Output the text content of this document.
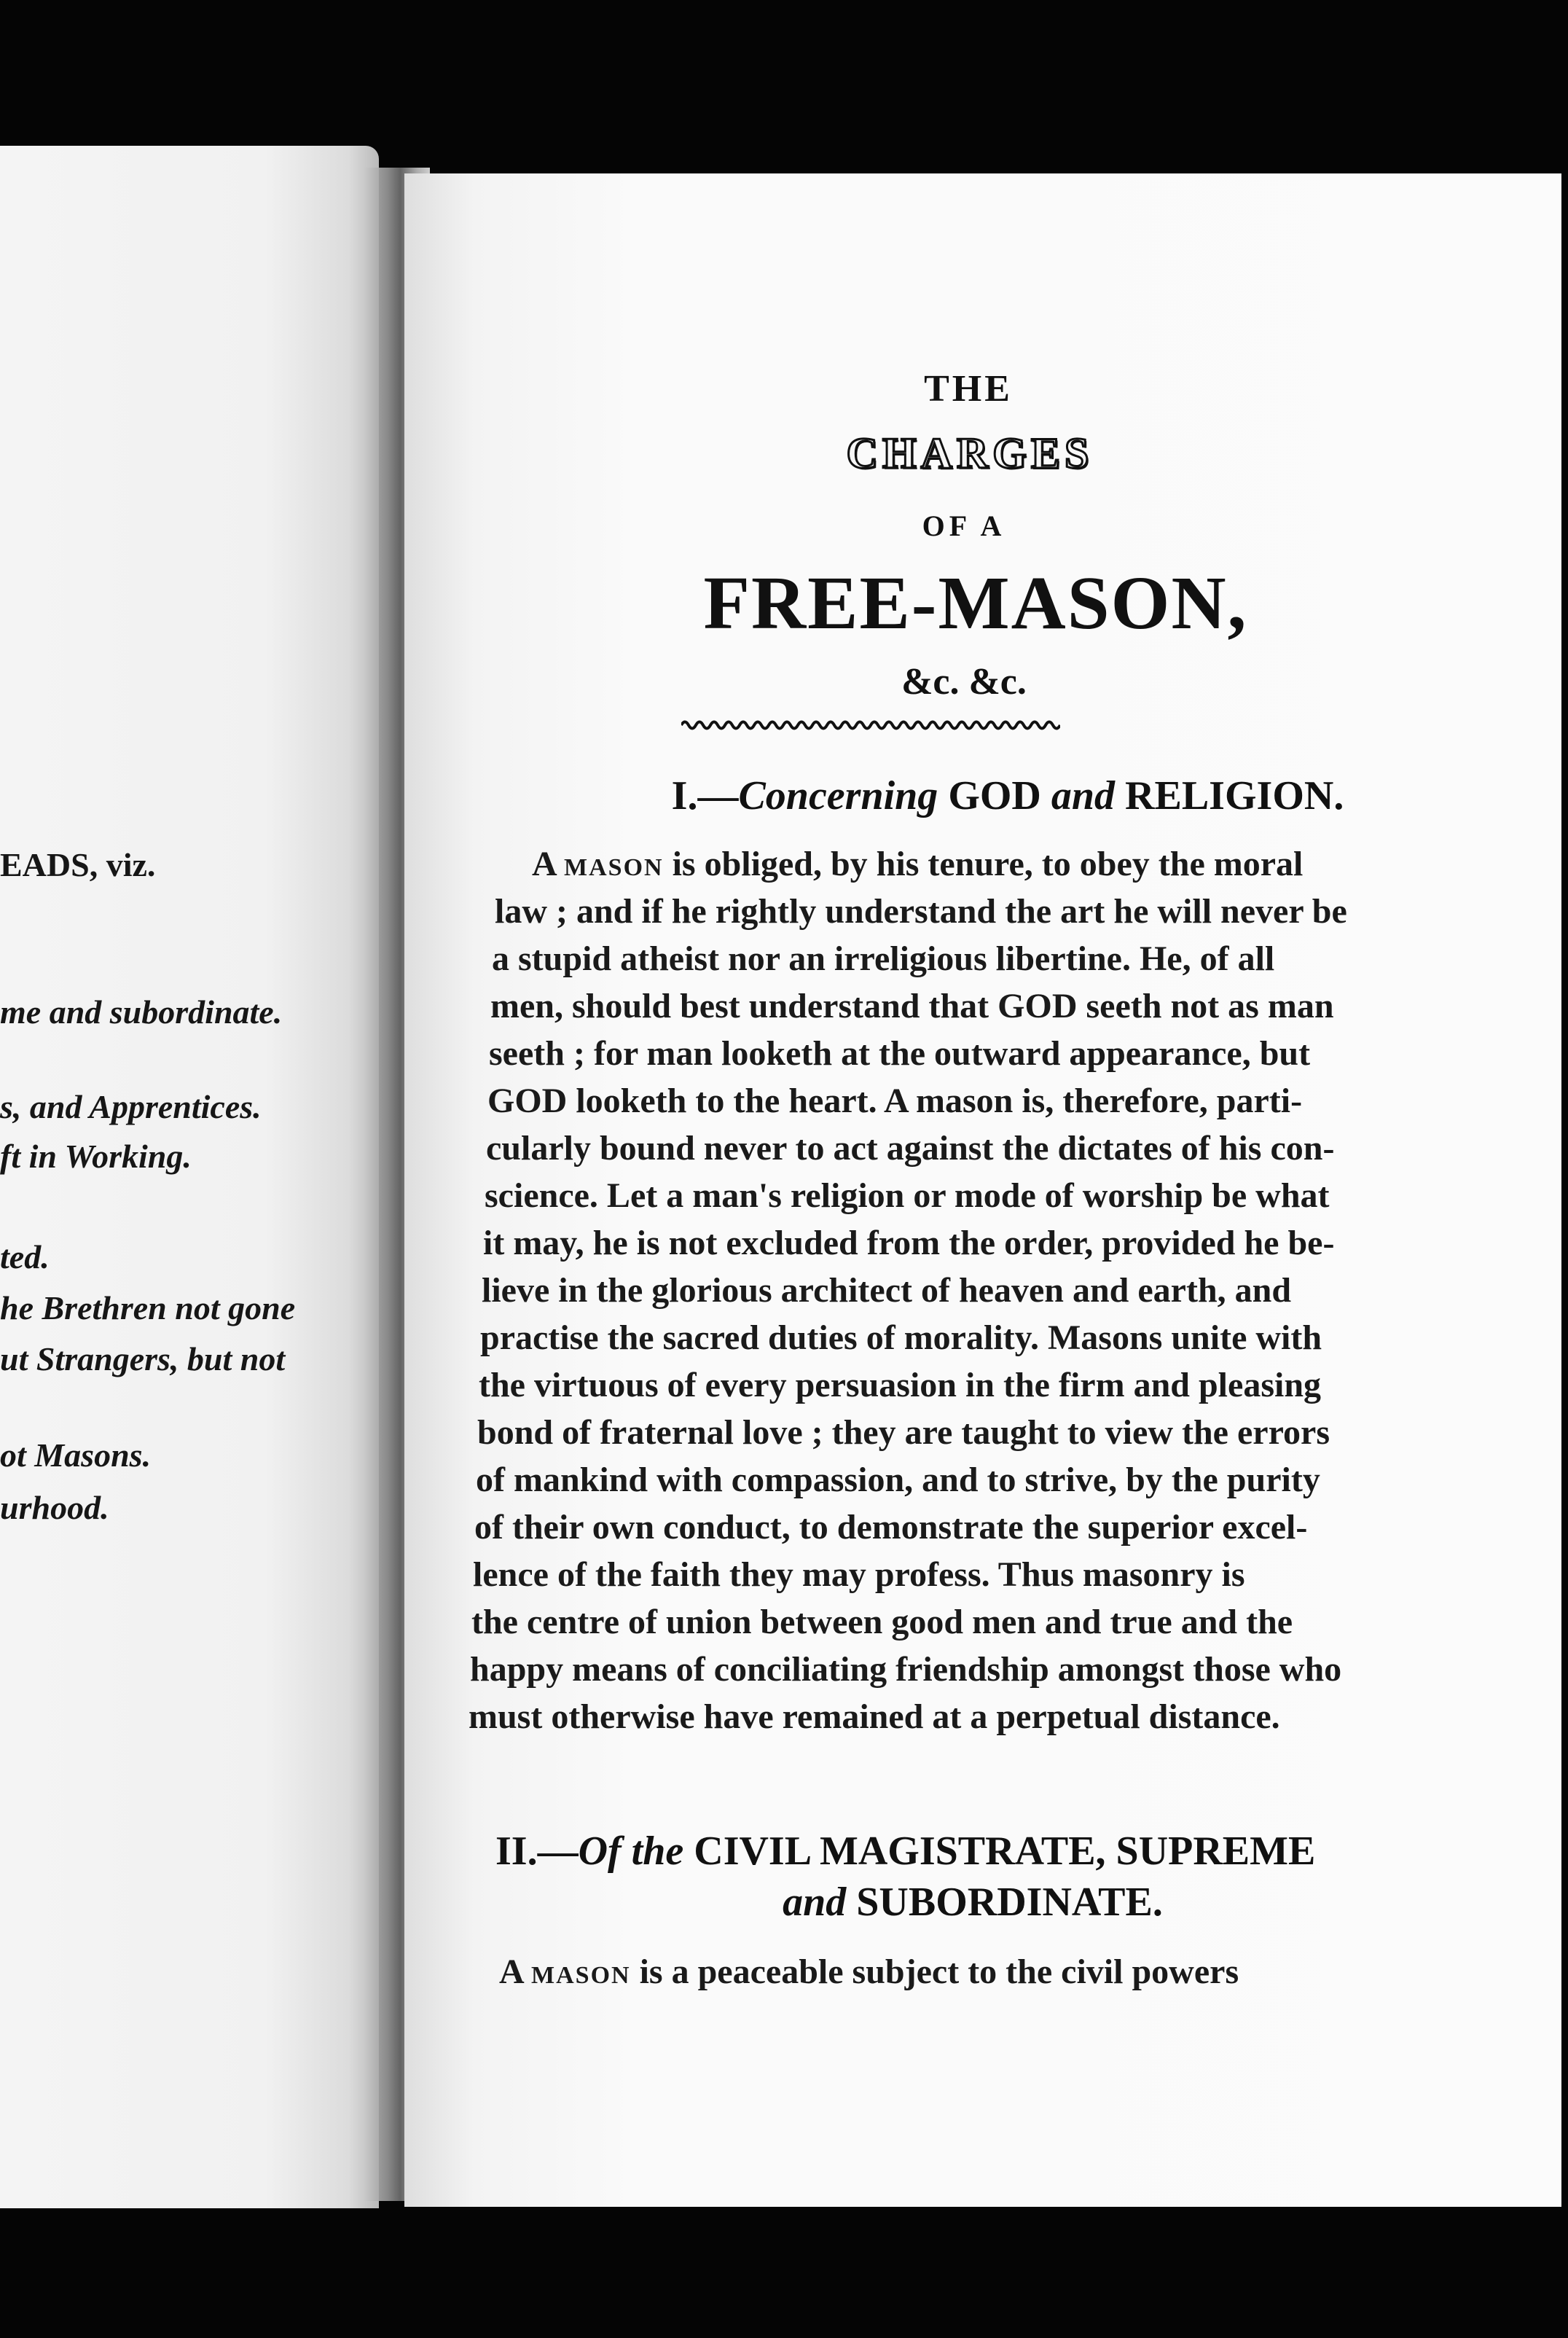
EADS, viz.
me and subordinate.
s, and Apprentices.
ft in Working.
ted.
he Brethren not gone
ut Strangers, but not
ot Masons.
urhood.
THE
CHARGES
OF A
FREE-MASON,
&c. &c.
I.—Concerning GOD and RELIGION.
A mason is obliged, by his tenure, to obey the moral
law ; and if he rightly understand the art he will never be
a stupid atheist nor an irreligious libertine. He, of all
men, should best understand that GOD seeth not as man
seeth ; for man looketh at the outward appearance, but
GOD looketh to the heart. A mason is, therefore, parti-
cularly bound never to act against the dictates of his con-
science. Let a man's religion or mode of worship be what
it may, he is not excluded from the order, provided he be-
lieve in the glorious architect of heaven and earth, and
practise the sacred duties of morality. Masons unite with
the virtuous of every persuasion in the firm and pleasing
bond of fraternal love ; they are taught to view the errors
of mankind with compassion, and to strive, by the purity
of their own conduct, to demonstrate the superior excel-
lence of the faith they may profess. Thus masonry is
the centre of union between good men and true and the
happy means of conciliating friendship amongst those who
must otherwise have remained at a perpetual distance.
II.—Of the CIVIL MAGISTRATE, SUPREME
and SUBORDINATE.
A mason is a peaceable subject to the civil powers
